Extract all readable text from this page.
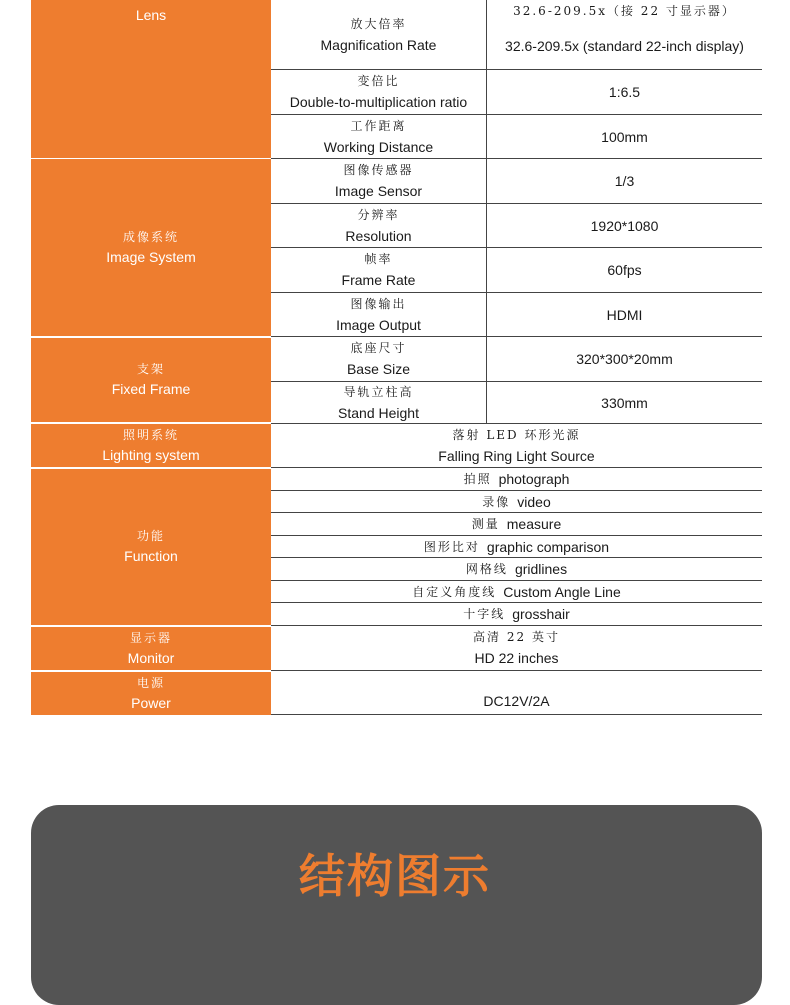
Lens
成像系统
Image System
支架
Fixed Frame
照明系统
Lighting system
功能
Function
显示器
Monitor
电源
Power
放大倍率
Magnification Rate
32.6-209.5x（接 22 寸显示器）
32.6-209.5x (standard 22-inch display)
变倍比
Double-to-multiplication ratio
1:6.5
工作距离
Working Distance
100mm
图像传感器
Image Sensor
1/3
分辨率
Resolution
1920*1080
帧率
Frame Rate
60fps
图像输出
Image Output
HDMI
底座尺寸
Base Size
320*300*20mm
导轨立柱高
Stand Height
330mm
落射 LED 环形光源
Falling Ring Light Source
拍照 photograph
录像 video
测量 measure
图形比对 graphic comparison
网格线 gridlines
自定义角度线 Custom Angle Line
十字线 grosshair
高清 22 英寸
HD 22 inches
DC12V/2A
结构图示
